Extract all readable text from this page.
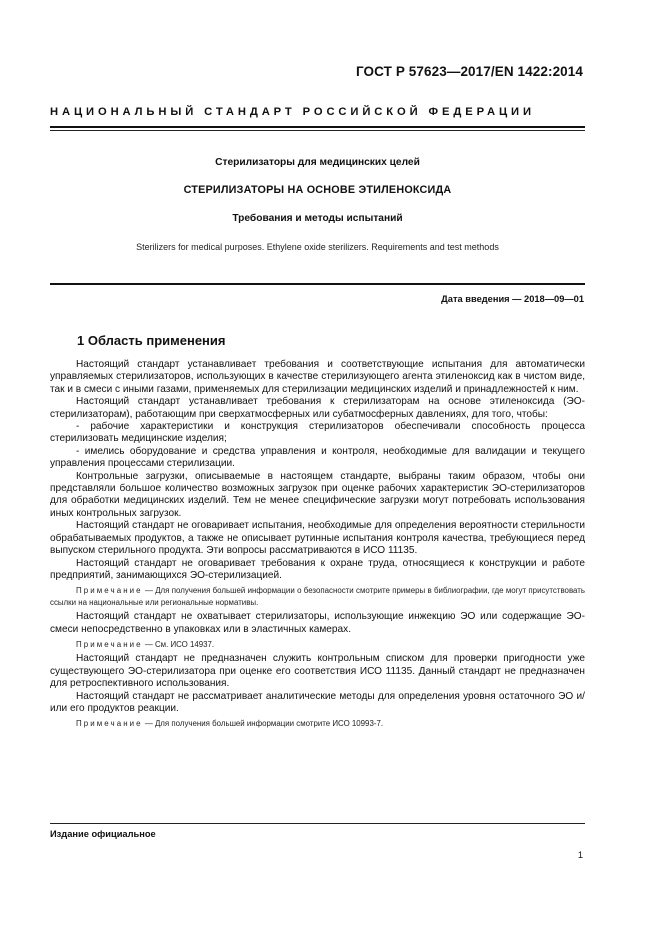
ГОСТ Р 57623—2017/EN 1422:2014
НАЦИОНАЛЬНЫЙ СТАНДАРТ РОССИЙСКОЙ ФЕДЕРАЦИИ
Стерилизаторы для медицинских целей
СТЕРИЛИЗАТОРЫ НА ОСНОВЕ ЭТИЛЕНОКСИДА
Требования и методы испытаний
Sterilizers for medical purposes. Ethylene oxide sterilizers. Requirements and test methods
Дата введения — 2018—09—01
1 Область применения

Настоящий стандарт устанавливает требования и соответствующие испытания для автоматически управляемых стерилизаторов, использующих в качестве стерилизующего агента этиленоксид как в чистом виде, так и в смеси с иными газами, применяемых для стерилизации медицинских изделий и принадлежностей к ним.

Настоящий стандарт устанавливает требования к стерилизаторам на основе этиленоксида (ЭО-стерилизаторам), работающим при сверхатмосферных или субатмосферных давлениях, для того, чтобы:

- рабочие характеристики и конструкция стерилизаторов обеспечивали способность процесса стерилизовать медицинские изделия;

- имелись оборудование и средства управления и контроля, необходимые для валидации и текущего управления процессами стерилизации.

Контрольные загрузки, описываемые в настоящем стандарте, выбраны таким образом, чтобы они представляли большое количество возможных загрузок при оценке рабочих характеристик ЭО-стерилизаторов для обработки медицинских изделий. Тем не менее специфические загрузки могут потребовать использования иных контрольных загрузок.

Настоящий стандарт не оговаривает испытания, необходимые для определения вероятности стерильности обрабатываемых продуктов, а также не описывает рутинные испытания контроля качества, требующиеся перед выпуском стерильного продукта. Эти вопросы рассматриваются в ИСО 11135.

Настоящий стандарт не оговаривает требования к охране труда, относящиеся к конструкции и работе предприятий, занимающихся ЭО-стерилизацией.

Примечание — Для получения большей информации о безопасности смотрите примеры в библиографии, где могут присутствовать ссылки на национальные или региональные нормативы.

Настоящий стандарт не охватывает стерилизаторы, использующие инжекцию ЭО или содержащие ЭО-смеси непосредственно в упаковках или в эластичных камерах.

Примечание — См. ИСО 14937.

Настоящий стандарт не предназначен служить контрольным списком для проверки пригодности уже существующего ЭО-стерилизатора при оценке его соответствия ИСО 11135. Данный стандарт не предназначен для ретроспективного использования.

Настоящий стандарт не рассматривает аналитические методы для определения уровня остаточного ЭО и/или его продуктов реакции.

Примечание — Для получения большей информации смотрите ИСО 10993-7.

Издание официальное
1
